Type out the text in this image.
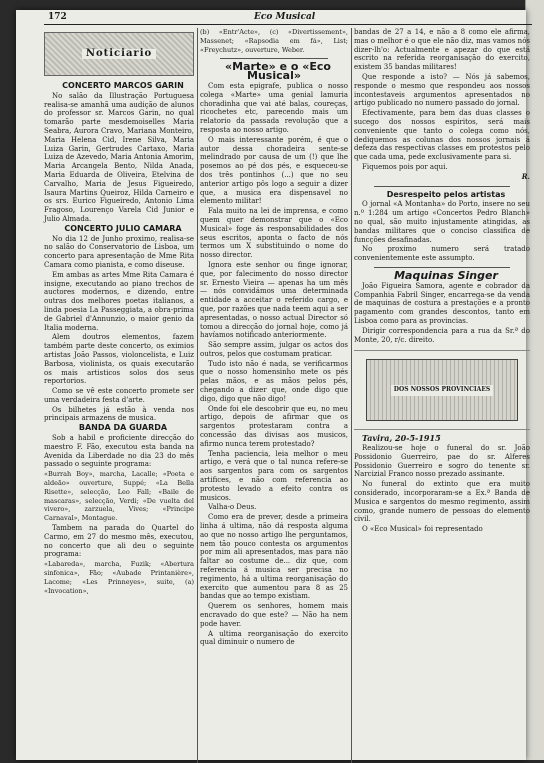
172	Eco Musical
Noticiario

CONCERTO MARCOS GARIN

No salão da Illustração Portuguesa realisa-se amanhã uma audição de alunos do professor sr. Marcos Garin, no qual tomarão parte mesdemoiselles Maria Seabra, Aurora Cravo, Mariana Monteiro, Maria Helena Cid, Irene Silva, Maria Luiza Garin, Gertrudes Cartaxo, Maria Luiza de Azevedo, Maria Antonia Amorim, Maria Arcangela Bento, Nilda Anada, Maria Eduarda de Oliveira, Etelvina de Carvalho, Maria de Jesus Figueiredo, Isaura Martins Queiroz, Hilda Carneiro e os srs. Eurico Figueiredo, Antonio Lima Fragoso, Lourenço Varela Cid Junior e Julio Almada.

CONCERTO JULIO CAMARA

No dia 12 de Junho proximo, realisa-se no salão do Conservatorio de Lisboa, um concerto para apresentação de Mme Rita Camara como pianista, e como diseuse.

Em ambas as artes Mme Rita Camara é insigne, executando ao piano trechos de auctores modernos, e dizendo, entre outras dos melhores poetas italianos, a linda poesia La Passeggiata, a obra-prima de Gabriel d'Annunzio, o maior genio da Italia moderna.

Alem doutros elementos, fazem também parte deste concerto, os eximios artistas João Passos, violoncelista, e Luiz Barbosa, violinista, os quais executarão os mais artisticos solos dos seus reportorios.

Como se vê este concerto promete ser uma verdadeira festa d'arte.

Os bilhetes já estão à venda nos principais armazens de musica.

BANDA DA GUARDA

Sob a habil e proficiente direcção do maestro F. Fão, executou esta banda na Avenida da Liberdade no dia 23 do mês passado o seguinte programa:

«Burrah Boy», marcha, Lacalle; «Poeta e aldeão» ouverture, Suppé; «La Bella Risette», selecção, Leo Fall; «Baile de mascaras», selecção, Verdi; «De vuelta del vivero», zarzuela, Vives; «Principe Carnaval», Montague.

Tambem na parada do Quartel do Carmo, em 27 do mesmo mês, executou, no concerto que ali deu o seguinte programa:

«Labareda», marcha, Fuzik; «Abertura sinfonica», Fão; «Aubade Printanière», Lacome; «Les Prinneyes», suite, (a) «Invocation»,

(b) «Entr'Acte», (c) «Divertissement», Massenet; «Rapsodia em fá», List; «Freychutz», ouverture, Weber.

«Marte» e o «Eco Musical»

Com esta epigrafe, publica o nosso colega «Marte» uma genial lamuria choradinha que vai até balas, coureças, ricochetes etc, parecendo mais um relatorio da passada revolução que a resposta ao nosso artigo.

O mais interessante porém, é que o autor dessa choradeira sente-se melindrado por causa de um (!) que lhe posemos ao pé dos pés, e esqueceu-se dos três pontinhos (...) que no seu anterior artigo pôs logo a seguir a dizer que, a musica era dispensavel no elemento militar!

Fala muito na lei de imprensa, e como quem quer demonstrar que o «Eco Musical» foge ás responsabilidades dos seus escritos, aponta o facto de nós termos um X substituindo o nome do nosso director.

Ignora este senhor ou finge ignorar, que, por falecimento do nosso director sr. Ernesto Vieira — apenas ha um mês — nós convidámos uma determinada entidade a acceitar o referido cargo, e que, por razões que nada teem aqui a ser apresentadas, o nosso actual Director só tomou a direcção do jornal hoje, como já havíamos notificado anteriormente.

São sempre assim, julgar os actos dos outros, pelos que costumam praticar.

Tudo isto não é nada, se verificarmos que o nosso homensinho mete os pés pelas mãos, e as mãos pelos pés, chegando a dizer que, onde digo que digo, digo que não digo!

Onde foi ele descobrir que eu, no meu artigo, depois de afirmar que os sargentos protestaram contra a concessão das divisas aos musicos, afirmo nunca terem protestado?

Tenha paciencia, leia melhor o meu artigo, e verá que o tal nunca refere-se aos sargentos para com os sargentos artifices, e não com referencia ao protesto levado a efeito contra os musicos.

Valha-o Deus.

Como era de prever, desde a primeira linha á ultima, não dá resposta alguma ao que no nosso artigo lhe perguntamos, nem tão pouco contesta os argumentos por mim ali apresentados, mas para não faltar ao costume de... diz que, com referencia á musica ser precisa no regimento, há a ultima reorganisação do exercito que aumentou para 8 as 25 bandas que ao tempo existiam.

Querem os senhores, homem mais encravado do que este? — Não ha nem pode haver.

A ultima reorganisação do exercito qual diminuir o numero de

bandas de 27 a 14, e não a 8 como ele afirma, mas o melhor é o que ele não diz, mas vamos nós dizer-lh'o: Actualmente e apezar do que está escrito na referida reorganisação do exercito, existem 35 bandas militares!

Que responde a isto? — Nós já sabemos, responde o mesmo que respondeu aos nossos incontestaveis argumentos apresentados no artigo publicado no numero passado do jornal.

Efectivamente, para bem das duas classes o sucego dos nossos espiritos, será mais conveniente que tanto o colega como nós, dediquemos as colunas dos nossos jornais á defeza das respectivas classes em protestos pelo que cada uma, pede exclusivamente para si.

Fiquemos pois por aqui.

R.

Desrespeito pelos artistas

O jornal «A Montanha» do Porto, insere no seu n.º 1:284 um artigo «Concertos Pedro Blanch» no qual, são muito injustamente atingidas, as bandas militares que o conciso classifica de funcções desafinadas.

No proximo numero será tratado convenientemente este assumpto.

Maquinas Singer

João Figueira Samora, agente e cobrador da Companhia Fabril Singer, encarrega-se da venda de maquinas de costura a prestações e a pronto pagamento com grandes descontos, tanto em Lisboa como para as provincias.

Dirigir correspondencia para a rua da Sr.ª do Monte, 20, r/c. direito.

DOS NOSSOS PROVINCIAES

Tavira, 20-5-1915

Realizou-se hoje o funeral do sr. João Possidonio Guerreiro, pae do sr. Alferes Possidonio Guerreiro e sogro do tenente sr. Narcizial Franco nosso prezado assinante.

No funeral do extinto que era muito considerado, incorporaram-se a Ex.ª Banda de Musica e sargentos do mesmo regimento, assim como, grande numero de pessoas do elemento civil.

O «Eco Musical» foi representado
